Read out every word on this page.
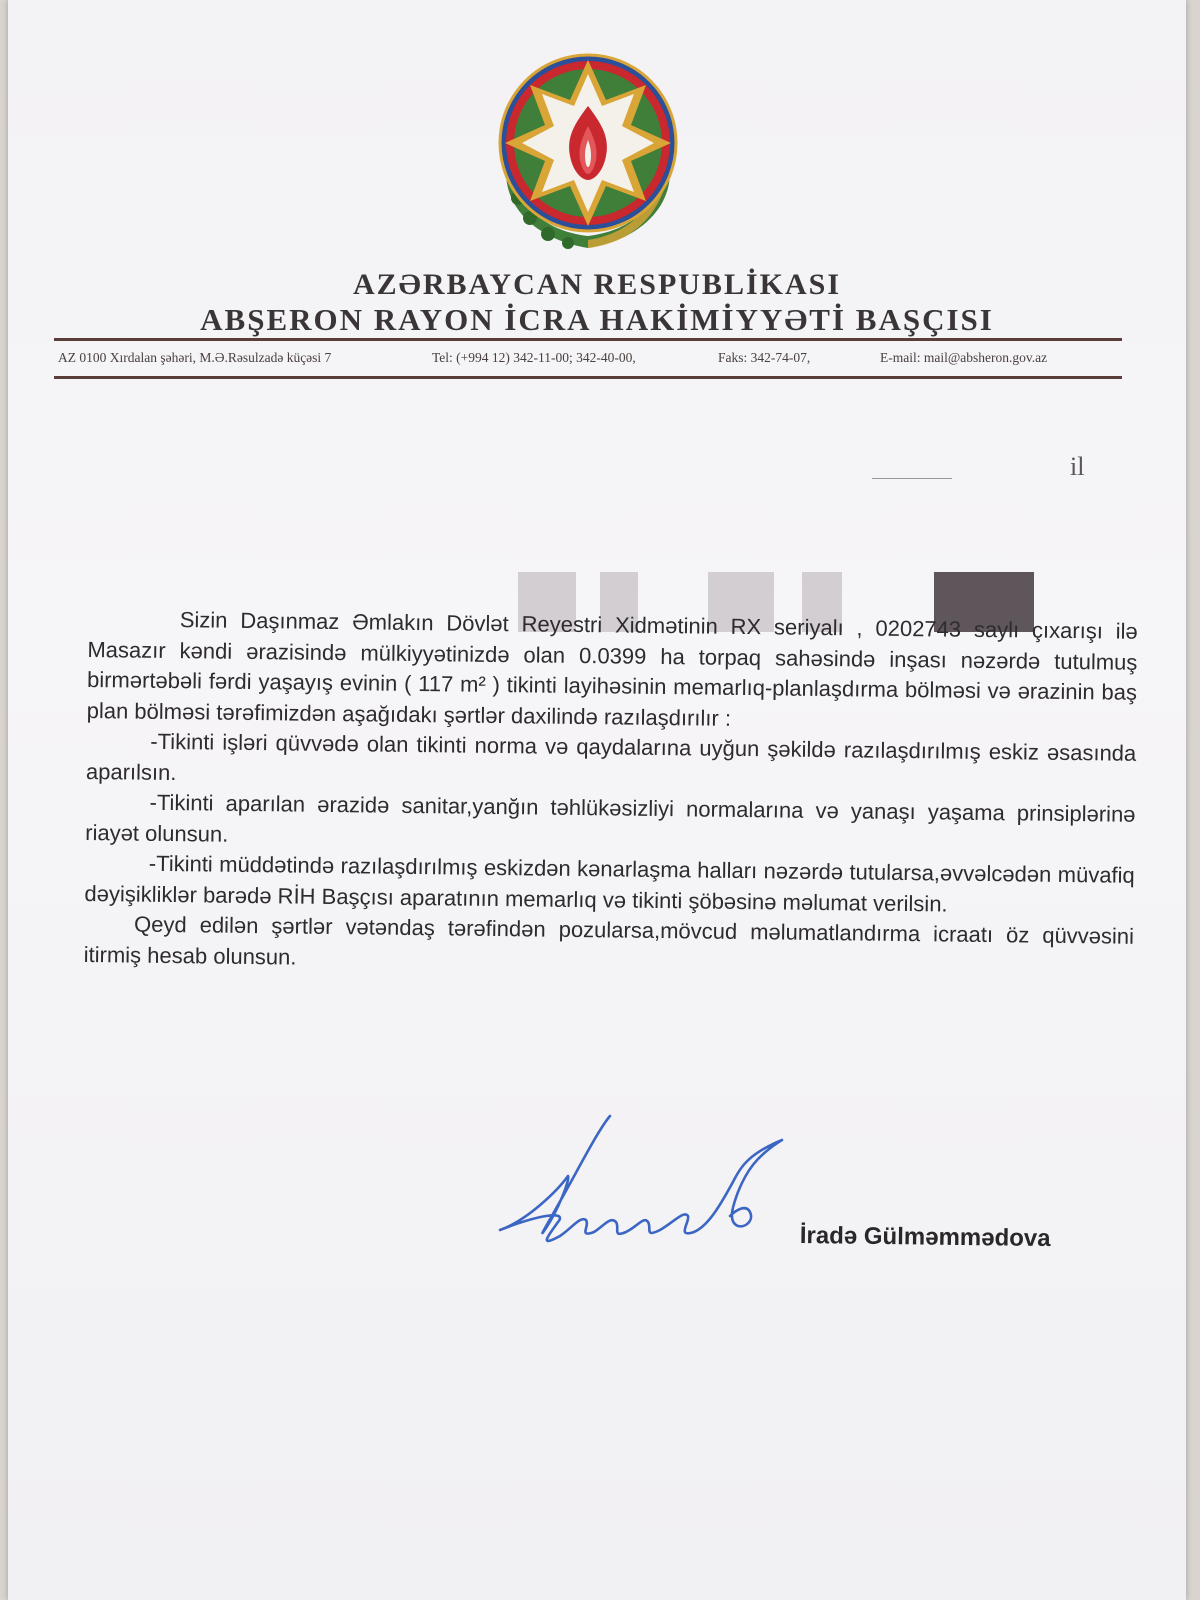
AZƏRBAYCAN RESPUBLİKASI
ABŞERON RAYON İCRA HAKİMİYYƏTİ BAŞÇISI
AZ 0100 Xırdalan şəhəri, M.Ə.Rəsulzadə küçəsi 7	Tel: (+994 12) 342-11-00; 342-40-00,	Faks: 342-74-07,	E-mail: mail@absheron.gov.az
il

Sizin Daşınmaz Əmlakın Dövlət Reyestri Xidmətinin RX seriyalı , 0202743 saylı çıxarışı ilə Masazır kəndi ərazisində mülkiyyətinizdə olan 0.0399 ha torpaq sahəsində inşası nəzərdə tutulmuş birmərtəbəli fərdi yaşayış evinin ( 117 m² ) tikinti layihəsinin memarlıq-planlaşdırma bölməsi və ərazinin baş plan bölməsi tərəfimizdən aşağıdakı şərtlər daxilində razılaşdırılır :

-Tikinti işləri qüvvədə olan tikinti norma və qaydalarına uyğun şəkildə razılaşdırılmış eskiz əsasında aparılsın.

-Tikinti aparılan ərazidə sanitar,yanğın təhlükəsizliyi normalarına və yanaşı yaşama prinsiplərinə riayət olunsun.

-Tikinti müddətində razılaşdırılmış eskizdən kənarlaşma halları nəzərdə tutularsa,əvvəlcədən müvafiq dəyişikliklər barədə RİH Başçısı aparatının memarlıq və tikinti şöbəsinə məlumat verilsin.

Qeyd edilən şərtlər vətəndaş tərəfindən pozularsa,mövcud məlumatlandırma icraatı öz qüvvəsini itirmiş hesab olunsun.

İradə Gülməmmədova
